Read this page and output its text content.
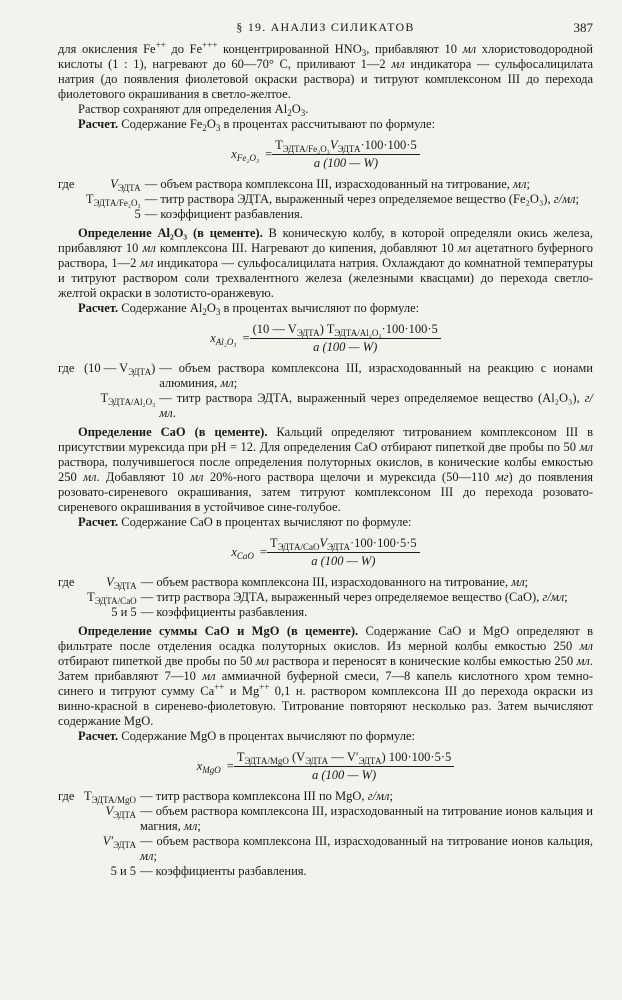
§ 19. АНАЛИЗ СИЛИКАТОВ	387

для окисления Fe++ до Fe+++ концентрированной $HNO_3$, прибавляют 10 мл хлористоводородной кислоты (1 : 1), нагревают до 60—70° С, приливают 1—2 мл индикатора — сульфосалицилата натрия (до появления фиолетовой окраски раствора) и титруют комплексоном III до перехода фиолетового окрашивания в светло-желтое.

Раствор сохраняют для определения $Al_2O_3$.

Расчет. Содержание $Fe_2O_3$ в процентах рассчитывают по формуле:

$x_{Fe_2O_3} = \frac{T_{ЭДТА/Fe_2O_3}V_{ЭДТА}\cdot 100\cdot 100\cdot 5}{a (100 — W)}$
где	$V_{ЭДТА}$	— объем раствора комплексона III, израсходованный на титрование, мл;
	$T_{ЭДТА/Fe_2O_3}$	— титр раствора ЭДТА, выраженный через определяемое вещество (Fe₂O₃), г/мл;
	5	— коэффициент разбавления.

Определение Al₂O₃ (в цементе). В коническую колбу, в которой определяли окись железа, прибавляют 10 мл комплексона III. Нагревают до кипения, добавляют 10 мл ацетатного буферного раствора, 1—2 мл индикатора — сульфосалицилата натрия. Охлаждают до комнатной температуры и титруют раствором соли трехвалентного железа (железными квасцами) до перехода светло-желтой окраски в золотисто-оранжевую.

Расчет. Содержание $Al_2O_3$ в процентах вычисляют по формуле:

$x_{Al_2O_3} = \frac{(10 — V_{ЭДТА}) T_{ЭДТА/Al_2O_3}\cdot 100\cdot 100\cdot 5}{a (100 — W)}$
где	(10 — $V_{ЭДТА}$)	— объем раствора комплексона III, израсходованный на реакцию с ионами алюминия, мл;
	$T_{ЭДТА/Al_2O_3}$	— титр раствора ЭДТА, выраженный через определяемое вещество (Al₂O₃), г/мл.

Определение CaO (в цементе). Кальций определяют титрованием комплексоном III в присутствии мурексида при pH = 12. Для определения CaO отбирают пипеткой две пробы по 50 мл раствора, получившегося после определения полуторных окислов, в конические колбы емкостью 250 мл. Добавляют 10 мл 20%-ного раствора щелочи и мурексида (50—110 мг) до появления розовато-сиреневого окрашивания, затем титруют комплексоном III до перехода розовато-сиреневого окрашивания в устойчивое сине-голубое.

Расчет. Содержание CaO в процентах вычисляют по формуле:

$x_{CaO} = \frac{T_{ЭДТА/CaO}V_{ЭДТА}\cdot 100\cdot 100\cdot 5\cdot 5}{a (100 — W)}$
где	$V_{ЭДТА}$	— объем раствора комплексона III, израсходованного на титрование, мл;
	$T_{ЭДТА/CaO}$	— титр раствора ЭДТА, выраженный через определяемое вещество (CaO), г/мл;
	5 и 5	— коэффициенты разбавления.

Определение суммы CaO и MgO (в цементе). Содержание CaO и MgO определяют в фильтрате после отделения осадка полуторных окислов. Из мерной колбы емкостью 250 мл отбирают пипеткой две пробы по 50 мл раствора и переносят в конические колбы емкостью 250 мл. Затем прибавляют 7—10 мл аммиачной буферной смеси, 7—8 капель кислотного хром темно-синего и титруют сумму Ca++ и Mg++ 0,1 н. раствором комплексона III до перехода окраски из винно-красной в сиренево-фиолетовую. Титрование повторяют несколько раз. Затем вычисляют содержание MgO.

Расчет. Содержание MgO в процентах вычисляют по формуле:

$x_{MgO} = \frac{T_{ЭДТА/MgO} (V_{ЭДТА} — V'_{ЭДТА}) 100\cdot 100\cdot 5\cdot 5}{a (100 — W)}$
где	$T_{ЭДТА/MgO}$	— титр раствора комплексона III по MgO, г/мл;
	$V_{ЭДТА}$	— объем раствора комплексона III, израсходованный на титрование ионов кальция и магния, мл;
	$V'_{ЭДТА}$	— объем раствора комплексона III, израсходованный на титрование ионов кальция, мл;
	5 и 5	— коэффициенты разбавления.
